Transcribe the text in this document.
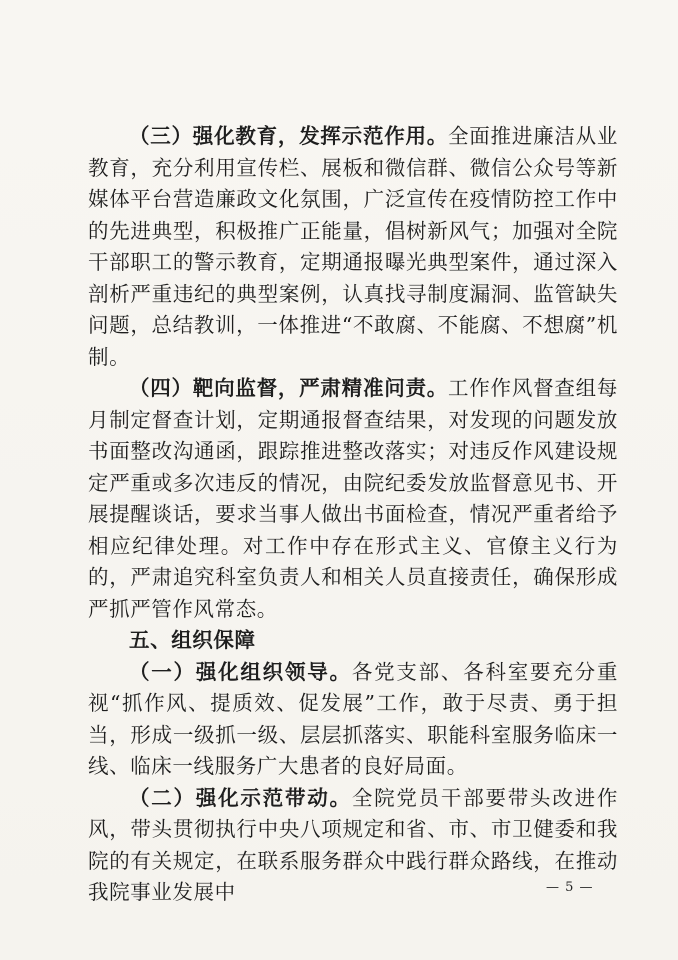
（三）强化教育，发挥示范作用。全面推进廉洁从业教育，充分利用宣传栏、展板和微信群、微信公众号等新媒体平台营造廉政文化氛围，广泛宣传在疫情防控工作中的先进典型，积极推广正能量，倡树新风气；加强对全院干部职工的警示教育，定期通报曝光典型案件，通过深入剖析严重违纪的典型案例，认真找寻制度漏洞、监管缺失问题，总结教训，一体推进“不敢腐、不能腐、不想腐”机制。

（四）靶向监督，严肃精准问责。工作作风督查组每月制定督查计划，定期通报督查结果，对发现的问题发放书面整改沟通函，跟踪推进整改落实；对违反作风建设规定严重或多次违反的情况，由院纪委发放监督意见书、开展提醒谈话，要求当事人做出书面检查，情况严重者给予相应纪律处理。对工作中存在形式主义、官僚主义行为的，严肃追究科室负责人和相关人员直接责任，确保形成严抓严管作风常态。

五、组织保障

（一）强化组织领导。各党支部、各科室要充分重视“抓作风、提质效、促发展”工作，敢于尽责、勇于担当，形成一级抓一级、层层抓落实、职能科室服务临床一线、临床一线服务广大患者的良好局面。

（二）强化示范带动。全院党员干部要带头改进作风，带头贯彻执行中央八项规定和省、市、市卫健委和我院的有关规定，在联系服务群众中践行群众路线，在推动我院事业发展中	— 5 —
